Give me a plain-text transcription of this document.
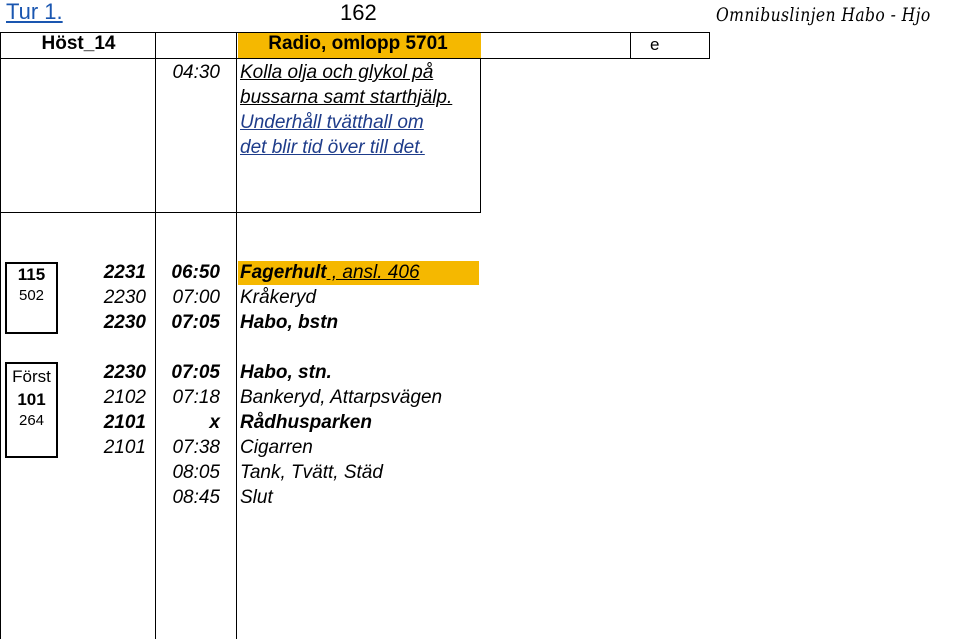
Tur 1.	162	Omnibuslinjen Habo - Hjo
Höst_14	Radio, omlopp 5701	e
04:30 Kolla olja och glykol på
bussarna samt starthjälp.
Underhåll tvätthall om
det blir tid över till det.
115
502
2231	06:50 Fagerhult , ansl. 406
2230	07:00 Kråkeryd
2230	07:05 Habo, bstn
Först
101
264
2230	07:05 Habo, stn.
2102	07:18 Bankeryd, Attarpsvägen
2101	x Rådhusparken
2101	07:38 Cigarren
08:05 Tank, Tvätt, Städ
08:45 Slut
